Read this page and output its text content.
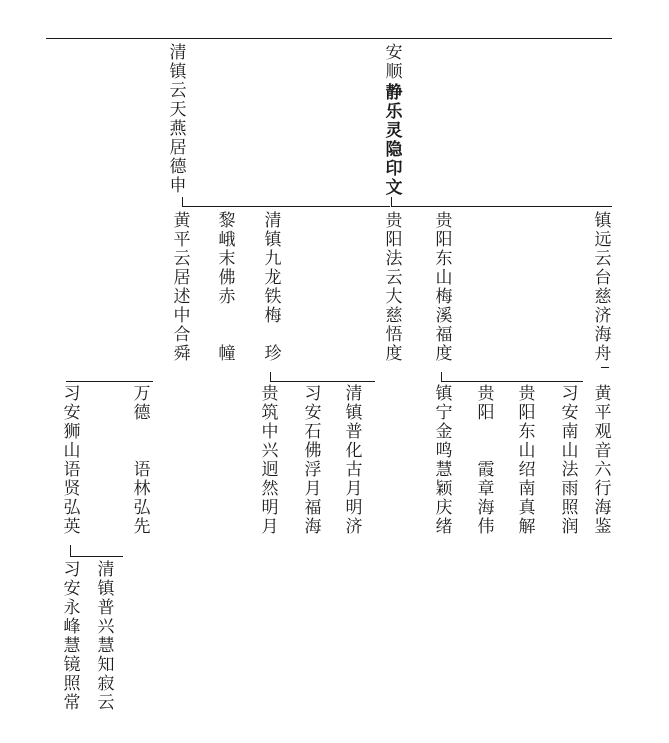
安顺
静乐灵隐印文
清镇云天燕居德申
镇远云台慈济海舟
黄平观音六行海鉴
贵阳东山梅溪福度
贵阳法云大慈悟度
清镇九龙铁梅
珍
黎峨末佛赤
幢
黄平云居述中合舜
习安南山法雨照润
贵阳东山绍南真解
贵阳
霞章海伟
镇宁金鸣慧颖庆绪
清镇普化古月明济
习安石佛浮月福海
贵筑中兴迥然明月
万德
语林弘先
习安狮山语贤弘英
清镇普兴慧知寂云
习安永峰慧镜照常
